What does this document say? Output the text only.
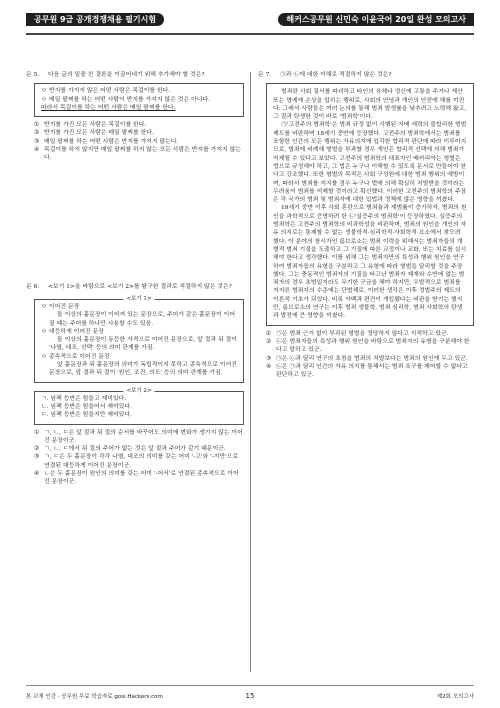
공무원 9급 공개경쟁채용 필기시험	해커스공무원 신민숙 이윤국어 20일 완성 모의고사
문 5.	다음 글의 밑줄 친 결론을 이끌어내기 위해 추가해야 할 것은?
ㅇ 반지를 가지지 않은 어떤 사람은 목걸이를 한다.
ㅇ 매일 팔찌를 하는 어떤 사람이 반지를 가지지 않은 것은 아니다.
따라서 목걸이를 하는 어떤 사람은 매일 팔찌를 한다.
① 반지를 가진 모든 사람은 목걸이를 한다.
② 반지를 가진 모든 사람은 매일 팔찌를 한다.
③ 매일 팔찌를 하는 어떤 사람은 반지를 가지지 않는다.
④ 목걸이를 하지 않지만 매일 팔찌를 하지 않는 모든 사람은 반지를 가지지 않는다.
문 6.	<보기 1>을 바탕으로 <보기 2>를 탐구한 결과로 적절하지 않은 것은?
<보기 1>
ㅇ 이어진 문장
둘 이상의 홑문장이 이어져 있는 문장으로, 주어가 같은 홑문장이 이어질 때는 주어를 하나만 사용할 수도 있음.
ㅇ 대등하게 이어진 문장
둘 이상의 홑문장이 동등한 자격으로 이어진 문장으로, 앞 절과 뒤 절이 '나열, 대조, 선택' 등의 의미 관계를 가짐.
ㅇ 종속적으로 이어진 문장
앞 홑문장과 뒤 홑문장의 의미가 독립적이지 못하고 종속적으로 이어진 문장으로, 앞 절과 뒤 절이 '원인, 조건, 의도' 등의 의미 관계를 가짐.
<보기 2>
ㄱ. 임팩 등반은 힘들고 재미있다.
ㄴ. 임팩 등반은 힘들어서 재미있다.
ㄷ. 임팩 등반은 힘들지만 재미있다.
① ㄱ, ㄴ, ㄷ은 앞 절과 뒤 절의 순서를 바꾸어도 의미에 변화가 생기지 않는 이어진 문장이군.
② ㄱ, ㄴ, ㄷ에서 뒤 절의 주어가 없는 것은 앞 절과 주어가 같기 때문이군.
③ ㄱ, ㄷ은 두 홑문장이 각각 나열, 대조의 의미를 갖는 어미 '-고'와 '-지만'으로 연결된 대등하게 이어진 문장이군.
④ ㄴ은 두 홑문장이 원인의 의미를 갖는 어미 '-어서'로 연결된 종속적으로 이어진 문장이군.
문 7.	㉠과 ㉡에 대한 이해로 적절하지 않은 것은?
범죄란 사회 질서를 파괴하고 타인의 육체나 정신에 고통을 주거나 재산 또는 명예에 손상을 입히는 행위로, 사회의 안녕과 개인의 안전에 해를 끼친다. 그래서 사람들은 여러 논의를 통해 범죄 발생률을 낮추려고 노력해 왔고, 그 결과 탄생한 것이 바로 '범죄학'이다.
㉠'고전주의 범죄학'은 범죄 규정 없이 시행된 지배 세력의 불합리한 형벌 제도를 비판하며 18세기 중반에 등장했다. 고전주의 범죄학에서는 범죄를 포함한 인간의 모든 행위는 자유의지에 입각한 합리적 판단에 따라 이루어지므로, 범죄에 비례해 형벌을 부과할 경우 개인은 합리적 선택에 의해 범죄가 억제될 수 있다고 보았다. 고전주의 범죄학의 대표자인 베카리아는 형벌은 법으로 규정해야 하고, 그 법은 누구나 이해할 수 있도록 문서로 만들어야 한다고 강조했다. 또한 형벌의 목적은 사회 구성원에 대한 범죄 행위의 예방이며, 따라서 범죄를 저지를 경우 누구나 법에 의해 확실히 처벌받을 것이라는 두려움이 범죄를 억제할 것이라고 확신했다. 이러한 고전주의 범죄학의 주장은 각 국가의 범죄 및 범죄자에 대한 입법과 정책에 많은 영향을 끼쳤다.
19세기 중반 이후 사회 혼란으로 범죄율과 재범률이 증가하자, 범죄의 원인을 과학적으로 증명하려 한 ㉡'실증주의 범죄학'이 등장하였다. 실증주의 범죄학은 고전주의 범죄학의 비과학성을 비판하며, 범죄의 원인을 개인의 자유 의지로는 통제할 수 없는 생물학적·심리학적·사회학적 요소에서 찾으려 했다. 이 분야의 창시자인 롬브로소는 범죄 이력을 위해서는 범죄자들의 개별적 범죄 기질을 도출하고 그 기질에 따른 교정이나 교화, 또는 치료를 실시해야 한다고 생각했다. 이를 위해 그는 범죄자만의 특성과 행위 원인을 연구하여 범죄자들의 유형을 구분하고 그 유형에 따라 형벌을 달리할 것을 주장했다. 그는 충동적인 범죄자의 기질을 타고난 범죄자 제재와 수반에 없는 범죄자의 경우 초범일지라도 무기한 구금을 해야 하지만, 우발적으로 범죄를 저지른 범죄자의 수준에는 단벌체로, 이러한 생각은 이후 정벌주의 제도의 이론적 기초가 되었다. 비록 자백과 편견이 개입됐다는 비판을 받기는 했지만, 롬브로소의 연구는 이후 범죄 생물학, 범죄 심리학, 범죄 사회학의 탄생과 발전에 큰 영향을 끼쳤다.
① ㉠은 범죄 근거 없이 부과된 형벌을 정당하지 않다고 지적하고 있군.
② ㉡은 범죄자들의 특성과 행위 원인을 바탕으로 범죄자의 유형을 구분해야 한다고 말하고 있군.
③ ㉠은 ㉡과 달리 연구의 초점을 범죄의 처벌보다는 범죄의 원인에 두고 있군.
④ ㉡은 ㉠과 달리 인간의 자유 의지를 통해서는 범죄 욕구를 제어할 수 없다고 판단하고 있군.
본 교재 인강 · 공무원 무료 학습자료 gosi.Hackers.com	15	제2회 모의고사
